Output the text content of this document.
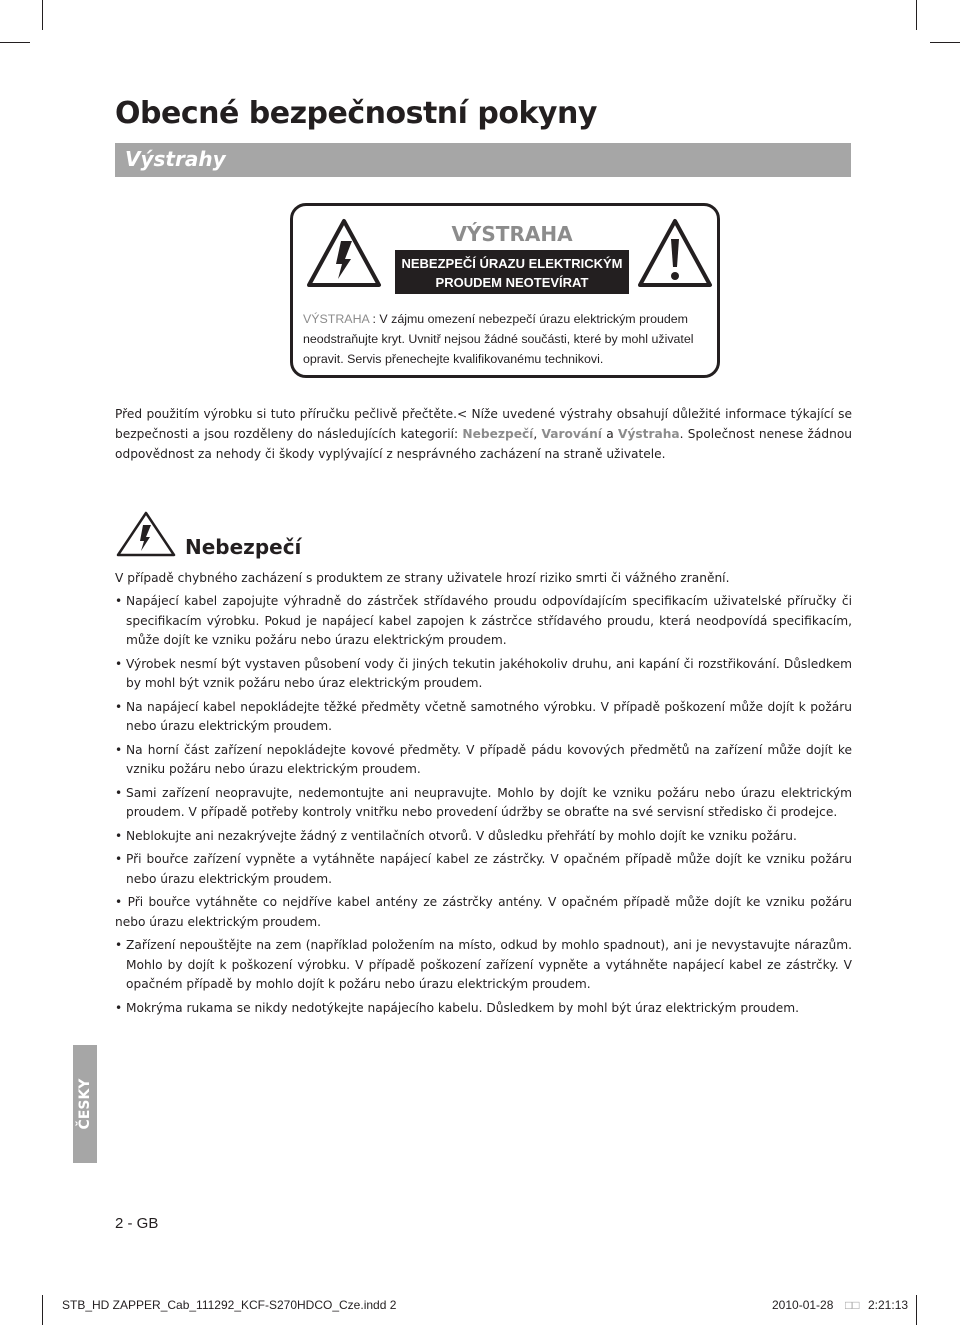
Obecné bezpečnostní pokyny
Výstrahy
VÝSTRAHA
NEBEZPEČÍ ÚRAZU ELEKTRICKÝM
PROUDEM NEOTEVÍRAT
VÝSTRAHA : V zájmu omezení nebezpečí úrazu elektrickým proudem neodstraňujte kryt. Uvnitř nejsou žádné součásti, které by mohl uživatel opravit. Servis přenechejte kvalifikovanému technikovi.
Před použitím výrobku si tuto příručku pečlivě přečtěte.< Níže uvedené výstrahy obsahují důležité informace týkající se bezpečnosti a jsou rozděleny do následujících kategorií: Nebezpečí, Varování a Výstraha. Společnost nenese žádnou odpovědnost za nehody či škody vyplývající z nesprávného zacházení na straně uživatele.
Nebezpečí
V případě chybného zacházení s produktem ze strany uživatele hrozí riziko smrti či vážného zranění.
• Napájecí kabel zapojujte výhradně do zástrček střídavého proudu odpovídajícím specifikacím uživatelské příručky či specifikacím výrobku. Pokud je napájecí kabel zapojen k zástrčce střídavého proudu, která neodpovídá specifikacím, může dojít ke vzniku požáru nebo úrazu elektrickým proudem.
• Výrobek nesmí být vystaven působení vody či jiných tekutin jakéhokoliv druhu, ani kapání či rozstřikování. Důsledkem by mohl být vznik požáru nebo úraz elektrickým proudem.
• Na napájecí kabel nepokládejte těžké předměty včetně samotného výrobku. V případě poškození může dojít k požáru nebo úrazu elektrickým proudem.
• Na horní část zařízení nepokládejte kovové předměty. V případě pádu kovových předmětů na zařízení může dojít ke vzniku požáru nebo úrazu elektrickým proudem.
• Sami zařízení neopravujte, nedemontujte ani neupravujte. Mohlo by dojít ke vzniku požáru nebo úrazu elektrickým proudem. V případě potřeby kontroly vnitřku nebo provedení údržby se obraťte na své servisní středisko či prodejce.
• Neblokujte ani nezakrývejte žádný z ventilačních otvorů. V důsledku přehřátí by mohlo dojít ke vzniku požáru.
• Při bouřce zařízení vypněte a vytáhněte napájecí kabel ze zástrčky. V opačném případě může dojít ke vzniku požáru nebo úrazu elektrickým proudem.
• Při bouřce vytáhněte co nejdříve kabel antény ze zástrčky antény. V opačném případě může dojít ke vzniku požáru nebo úrazu elektrickým proudem.
• Zařízení nepouštějte na zem (například položením na místo, odkud by mohlo spadnout), ani je nevystavujte nárazům. Mohlo by dojít k poškození výrobku. V případě poškození zařízení vypněte a vytáhněte napájecí kabel ze zástrčky. V opačném případě by mohlo dojít k požáru nebo úrazu elektrickým proudem.
• Mokrýma rukama se nikdy nedotýkejte napájecího kabelu. Důsledkem by mohl být úraz elektrickým proudem.
ČESKY
2 - GB
STB_HD ZAPPER_Cab_111292_KCF-S270HDCO_Cze.indd 2	2010-01-28 □□ 2:21:13
